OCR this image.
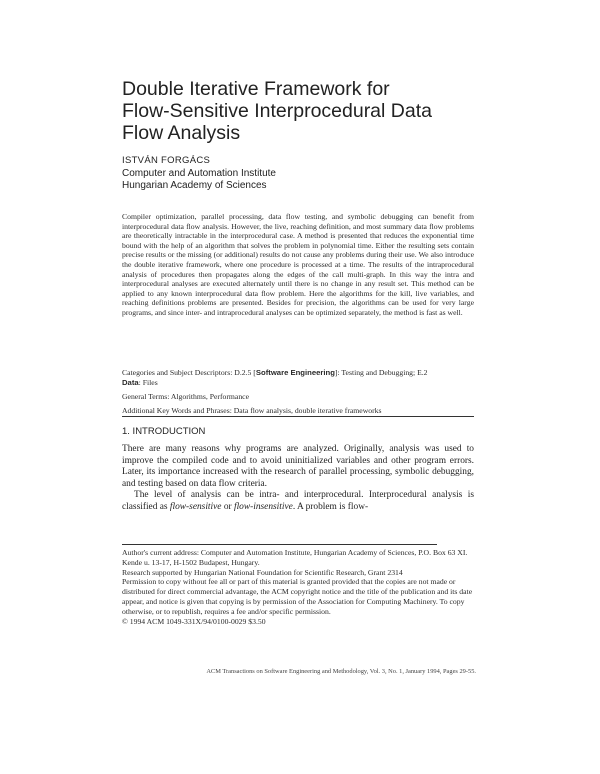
Double Iterative Framework for
Flow-Sensitive Interprocedural Data
Flow Analysis
ISTVÁN FORGÁCS
Computer and Automation Institute
Hungarian Academy of Sciences
Compiler optimization, parallel processing, data flow testing, and symbolic debugging can benefit from interprocedural data flow analysis. However, the live, reaching definition, and most summary data flow problems are theoretically intractable in the interprocedural case. A method is presented that reduces the exponential time bound with the help of an algorithm that solves the problem in polynomial time. Either the resulting sets contain precise results or the missing (or additional) results do not cause any problems during their use. We also introduce the double iterative framework, where one procedure is processed at a time. The results of the intraprocedural analysis of procedures then propagates along the edges of the call multi-graph. In this way the intra and interprocedural analyses are executed alternately until there is no change in any result set. This method can be applied to any known interprocedural data flow problem. Here the algorithms for the kill, live variables, and reaching definitions problems are presented. Besides for precision, the algorithms can be used for very large programs, and since inter- and intraprocedural analyses can be optimized separately, the method is fast as well.
Categories and Subject Descriptors: D.2.5 [Software Engineering]: Testing and Debugging; E.2
Data: Files
General Terms: Algorithms, Performance
Additional Key Words and Phrases: Data flow analysis, double iterative frameworks
1. INTRODUCTION

There are many reasons why programs are analyzed. Originally, analysis was used to improve the compiled code and to avoid uninitialized variables and other program errors. Later, its importance increased with the research of parallel processing, symbolic debugging, and testing based on data flow criteria.

The level of analysis can be intra- and interprocedural. Interprocedural analysis is classified as flow-sensitive or flow-insensitive. A problem is flow-

Author's current address: Computer and Automation Institute, Hungarian Academy of Sciences, P.O. Box 63 XI. Kende u. 13-17, H-1502 Budapest, Hungary.
Research supported by Hungarian National Foundation for Scientific Research, Grant 2314
Permission to copy without fee all or part of this material is granted provided that the copies are not made or distributed for direct commercial advantage, the ACM copyright notice and the title of the publication and its date appear, and notice is given that copying is by permission of the Association for Computing Machinery. To copy otherwise, or to republish, requires a fee and/or specific permission.
© 1994 ACM 1049-331X/94/0100-0029 $3.50
ACM Transactions on Software Engineering and Methodology, Vol. 3, No. 1, January 1994, Pages 29-55.
